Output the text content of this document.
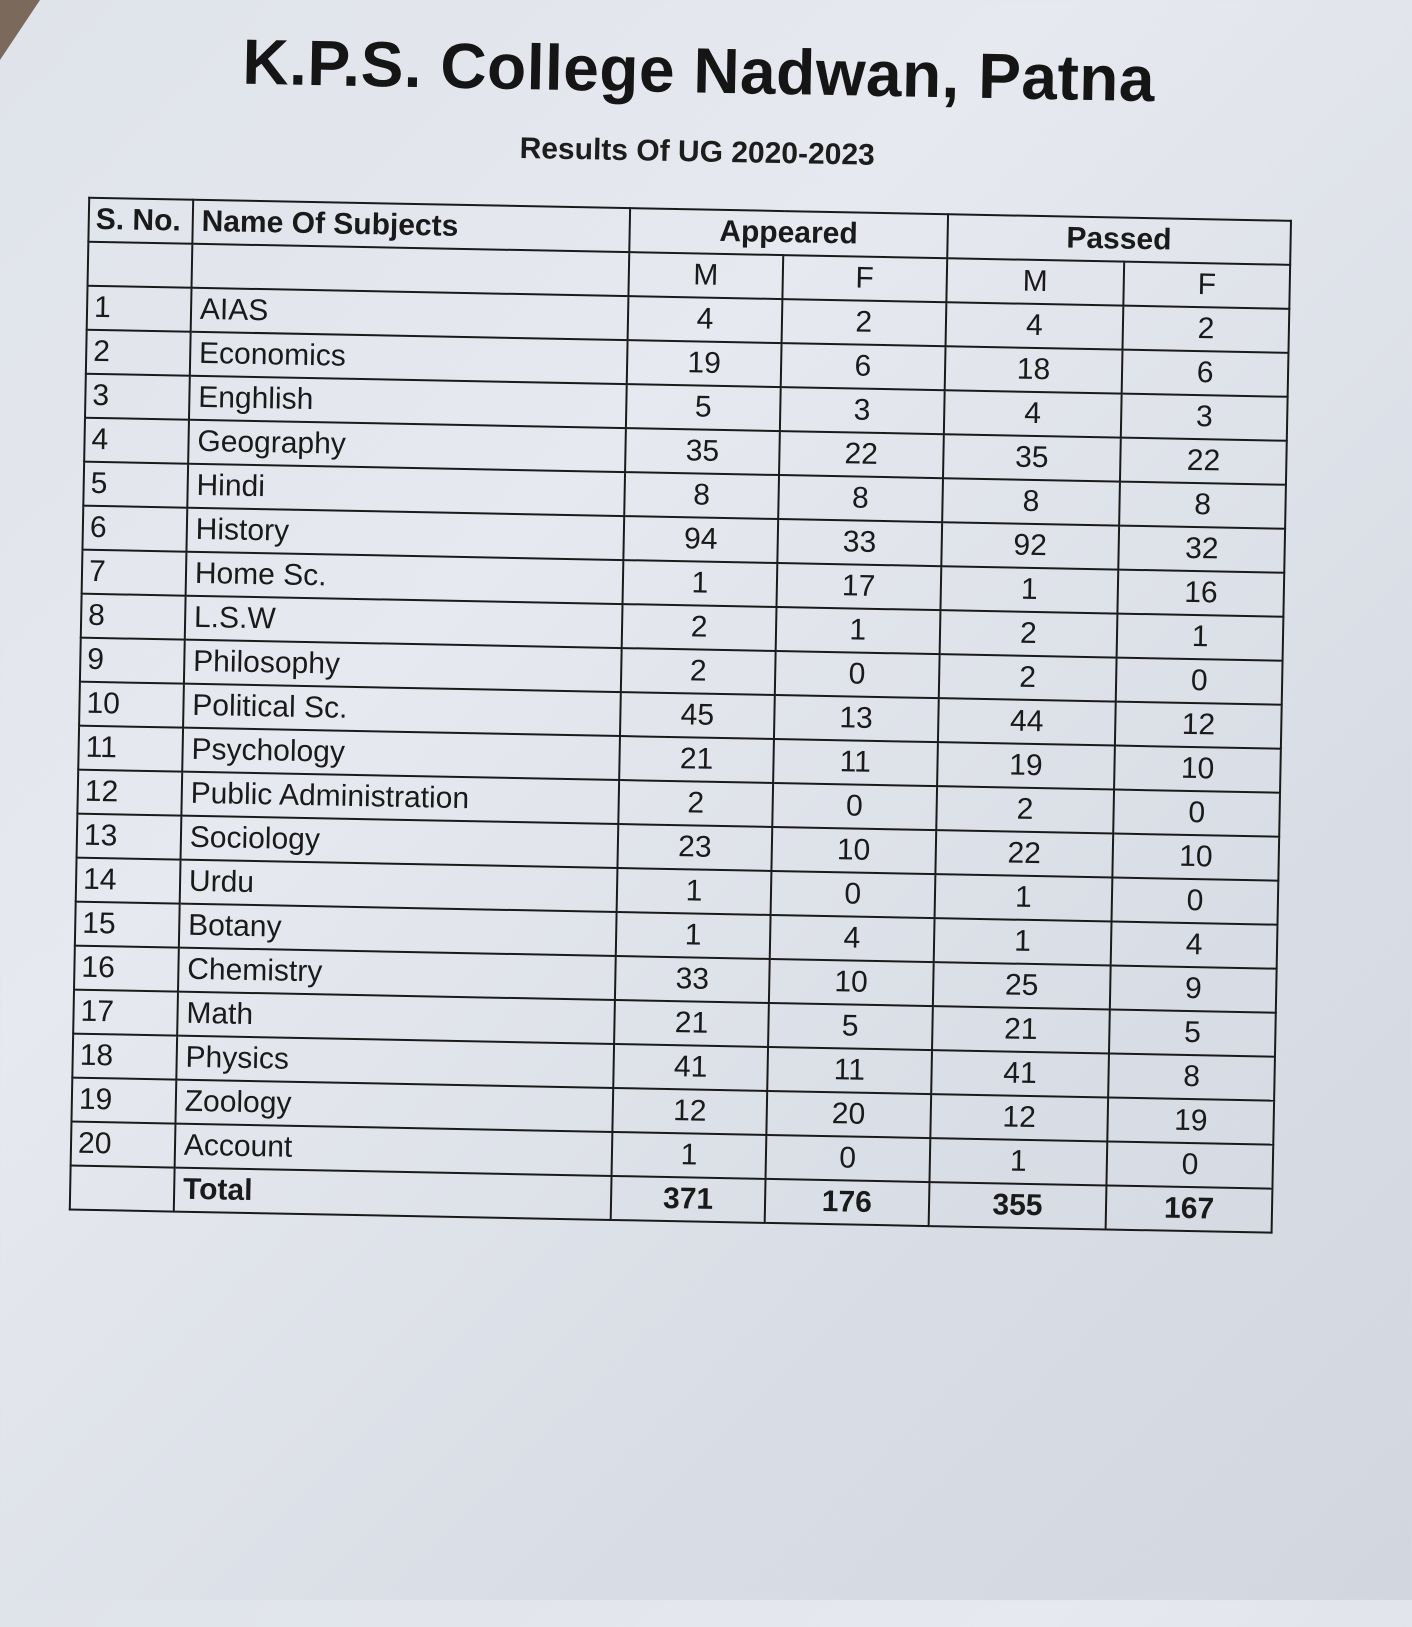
K.P.S. College Nadwan, Patna
Results Of UG 2020-2023
S. No.	Name Of Subjects	Appeared		Passed	
		M	F	M	F
1	AIAS	4	2	4	2
2	Economics	19	6	18	6
3	Enghlish	5	3	4	3
4	Geography	35	22	35	22
5	Hindi	8	8	8	8
6	History	94	33	92	32
7	Home Sc.	1	17	1	16
8	L.S.W	2	1	2	1
9	Philosophy	2	0	2	0
10	Political Sc.	45	13	44	12
11	Psychology	21	11	19	10
12	Public Administration	2	0	2	0
13	Sociology	23	10	22	10
14	Urdu	1	0	1	0
15	Botany	1	4	1	4
16	Chemistry	33	10	25	9
17	Math	21	5	21	5
18	Physics	41	11	41	8
19	Zoology	12	20	12	19
20	Account	1	0	1	0
	Total	371	176	355	167
